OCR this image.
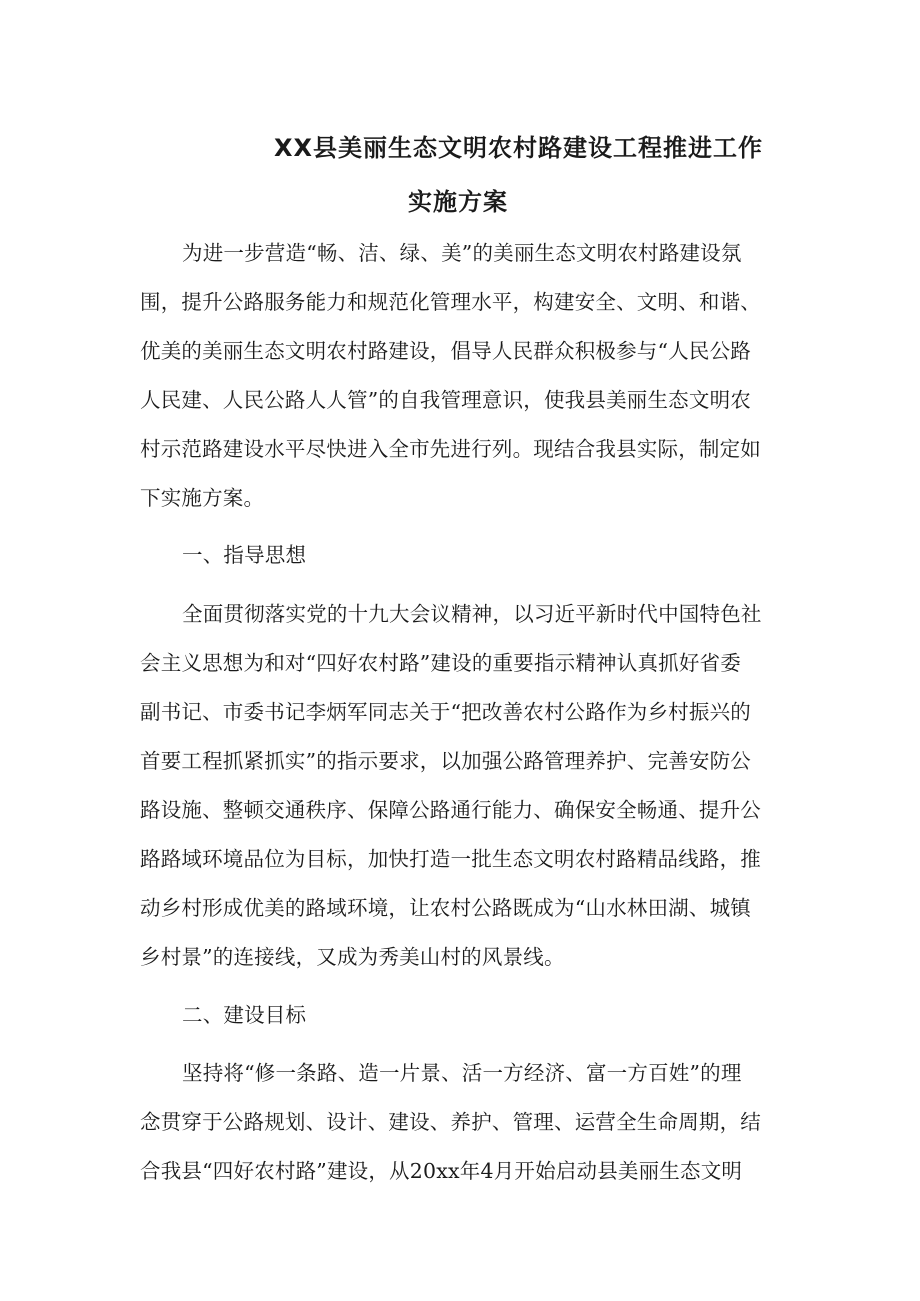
XX县美丽生态文明农村路建设工程推进工作
实施方案
为进一步营造“畅、洁、绿、美”的美丽生态文明农村路建设氛
围，提升公路服务能力和规范化管理水平，构建安全、文明、和谐、
优美的美丽生态文明农村路建设，倡导人民群众积极参与“人民公路
人民建、人民公路人人管”的自我管理意识，使我县美丽生态文明农
村示范路建设水平尽快进入全市先进行列。现结合我县实际，制定如
下实施方案。
一、指导思想
全面贯彻落实党的十九大会议精神，以习近平新时代中国特色社
会主义思想为和对“四好农村路”建设的重要指示精神认真抓好省委
副书记、市委书记李炳军同志关于“把改善农村公路作为乡村振兴的
首要工程抓紧抓实”的指示要求，以加强公路管理养护、完善安防公
路设施、整顿交通秩序、保障公路通行能力、确保安全畅通、提升公
路路域环境品位为目标，加快打造一批生态文明农村路精品线路，推
动乡村形成优美的路域环境，让农村公路既成为“山水林田湖、城镇
乡村景”的连接线，又成为秀美山村的风景线。
二、建设目标
坚持将“修一条路、造一片景、活一方经济、富一方百姓”的理
念贯穿于公路规划、设计、建设、养护、管理、运营全生命周期，结
合我县“四好农村路”建设，从20xx年4月开始启动县美丽生态文明
